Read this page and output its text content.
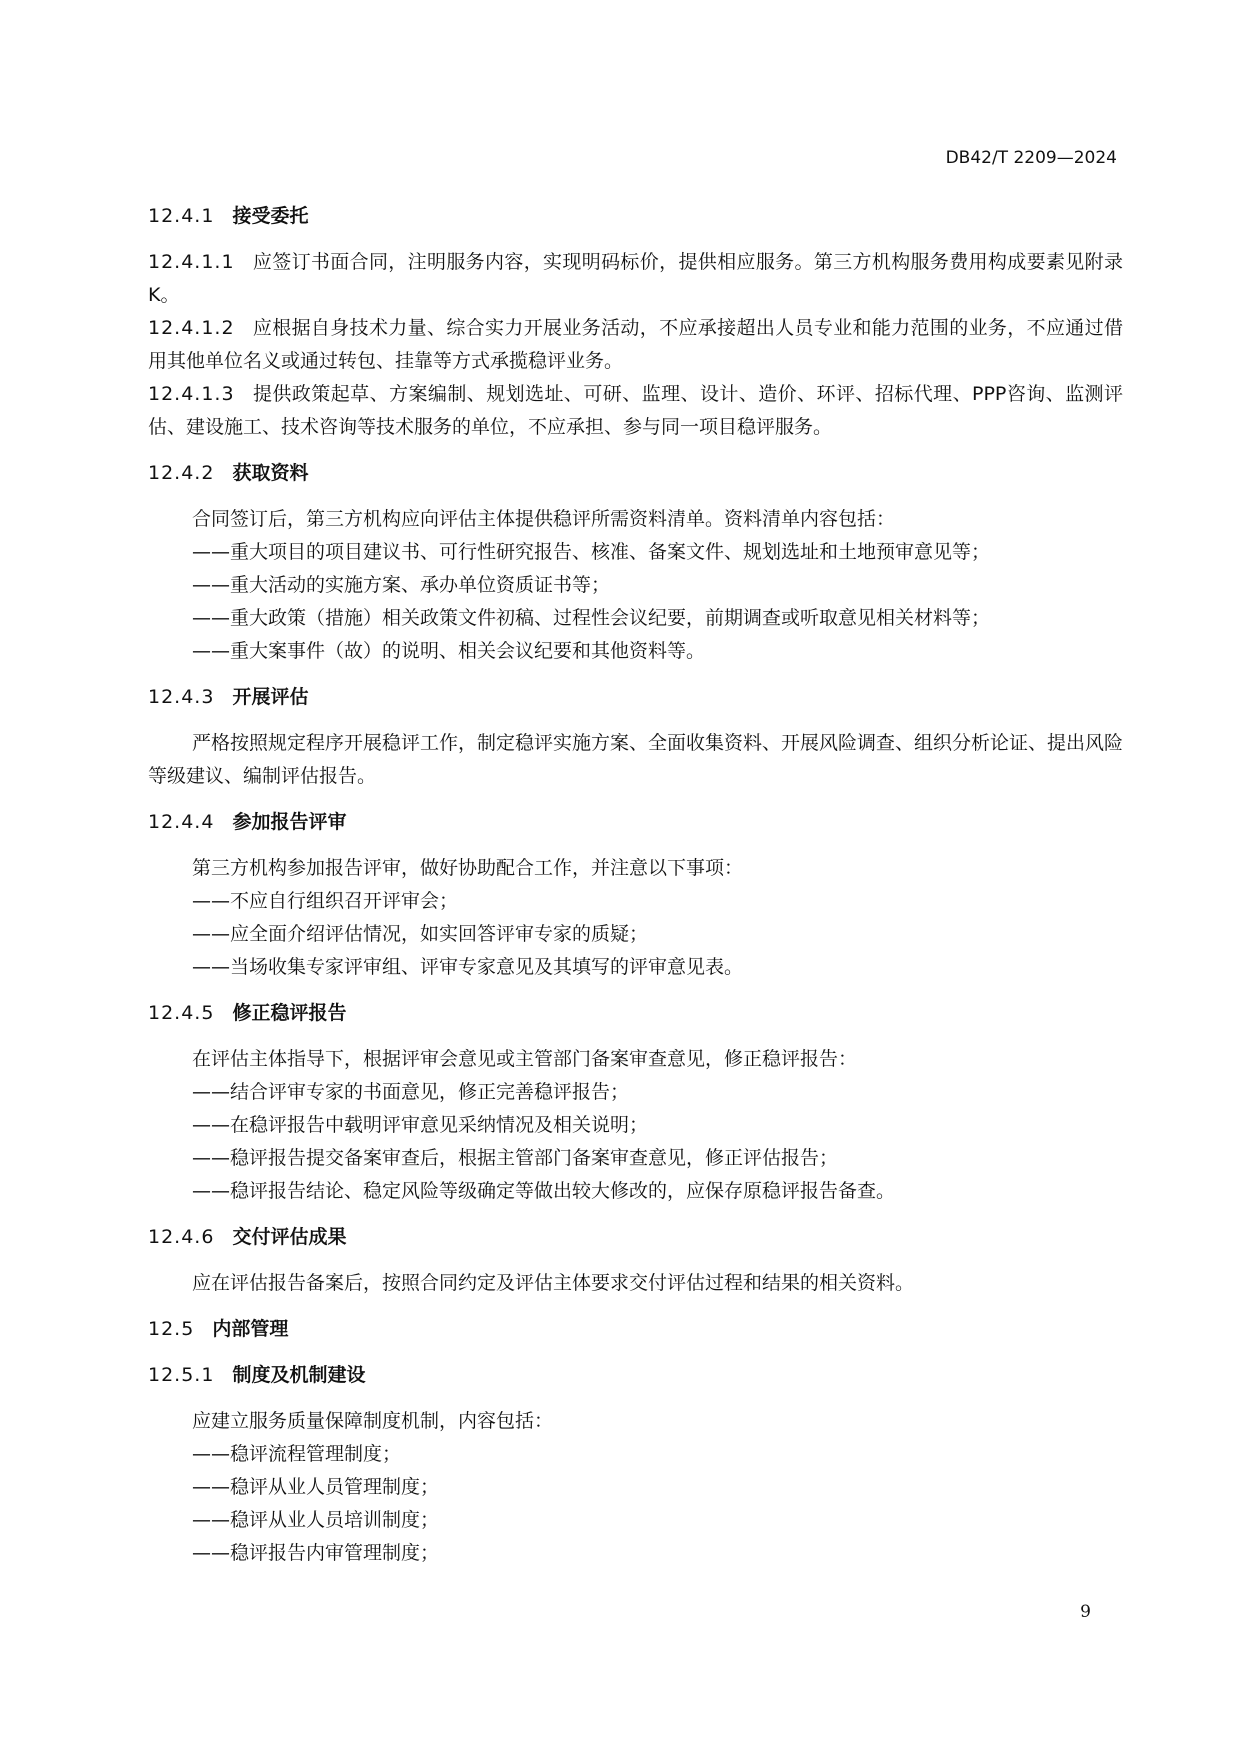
DB42/T 2209—2024
12.4.1 接受委托
12.4.1.1 应签订书面合同，注明服务内容，实现明码标价，提供相应服务。第三方机构服务费用构成要素见附录K。
12.4.1.2 应根据自身技术力量、综合实力开展业务活动，不应承接超出人员专业和能力范围的业务，不应通过借用其他单位名义或通过转包、挂靠等方式承揽稳评业务。
12.4.1.3 提供政策起草、方案编制、规划选址、可研、监理、设计、造价、环评、招标代理、PPP咨询、监测评估、建设施工、技术咨询等技术服务的单位，不应承担、参与同一项目稳评服务。
12.4.2 获取资料
合同签订后，第三方机构应向评估主体提供稳评所需资料清单。资料清单内容包括：
——重大项目的项目建议书、可行性研究报告、核准、备案文件、规划选址和土地预审意见等；
——重大活动的实施方案、承办单位资质证书等；
——重大政策（措施）相关政策文件初稿、过程性会议纪要，前期调查或听取意见相关材料等；
——重大案事件（故）的说明、相关会议纪要和其他资料等。
12.4.3 开展评估
严格按照规定程序开展稳评工作，制定稳评实施方案、全面收集资料、开展风险调查、组织分析论证、提出风险等级建议、编制评估报告。
12.4.4 参加报告评审
第三方机构参加报告评审，做好协助配合工作，并注意以下事项：
——不应自行组织召开评审会；
——应全面介绍评估情况，如实回答评审专家的质疑；
——当场收集专家评审组、评审专家意见及其填写的评审意见表。
12.4.5 修正稳评报告
在评估主体指导下，根据评审会意见或主管部门备案审查意见，修正稳评报告：
——结合评审专家的书面意见，修正完善稳评报告；
——在稳评报告中载明评审意见采纳情况及相关说明；
——稳评报告提交备案审查后，根据主管部门备案审查意见，修正评估报告；
——稳评报告结论、稳定风险等级确定等做出较大修改的，应保存原稳评报告备查。
12.4.6 交付评估成果
应在评估报告备案后，按照合同约定及评估主体要求交付评估过程和结果的相关资料。
12.5 内部管理
12.5.1 制度及机制建设
应建立服务质量保障制度机制，内容包括：
——稳评流程管理制度；
——稳评从业人员管理制度；
——稳评从业人员培训制度；
——稳评报告内审管理制度；
9
